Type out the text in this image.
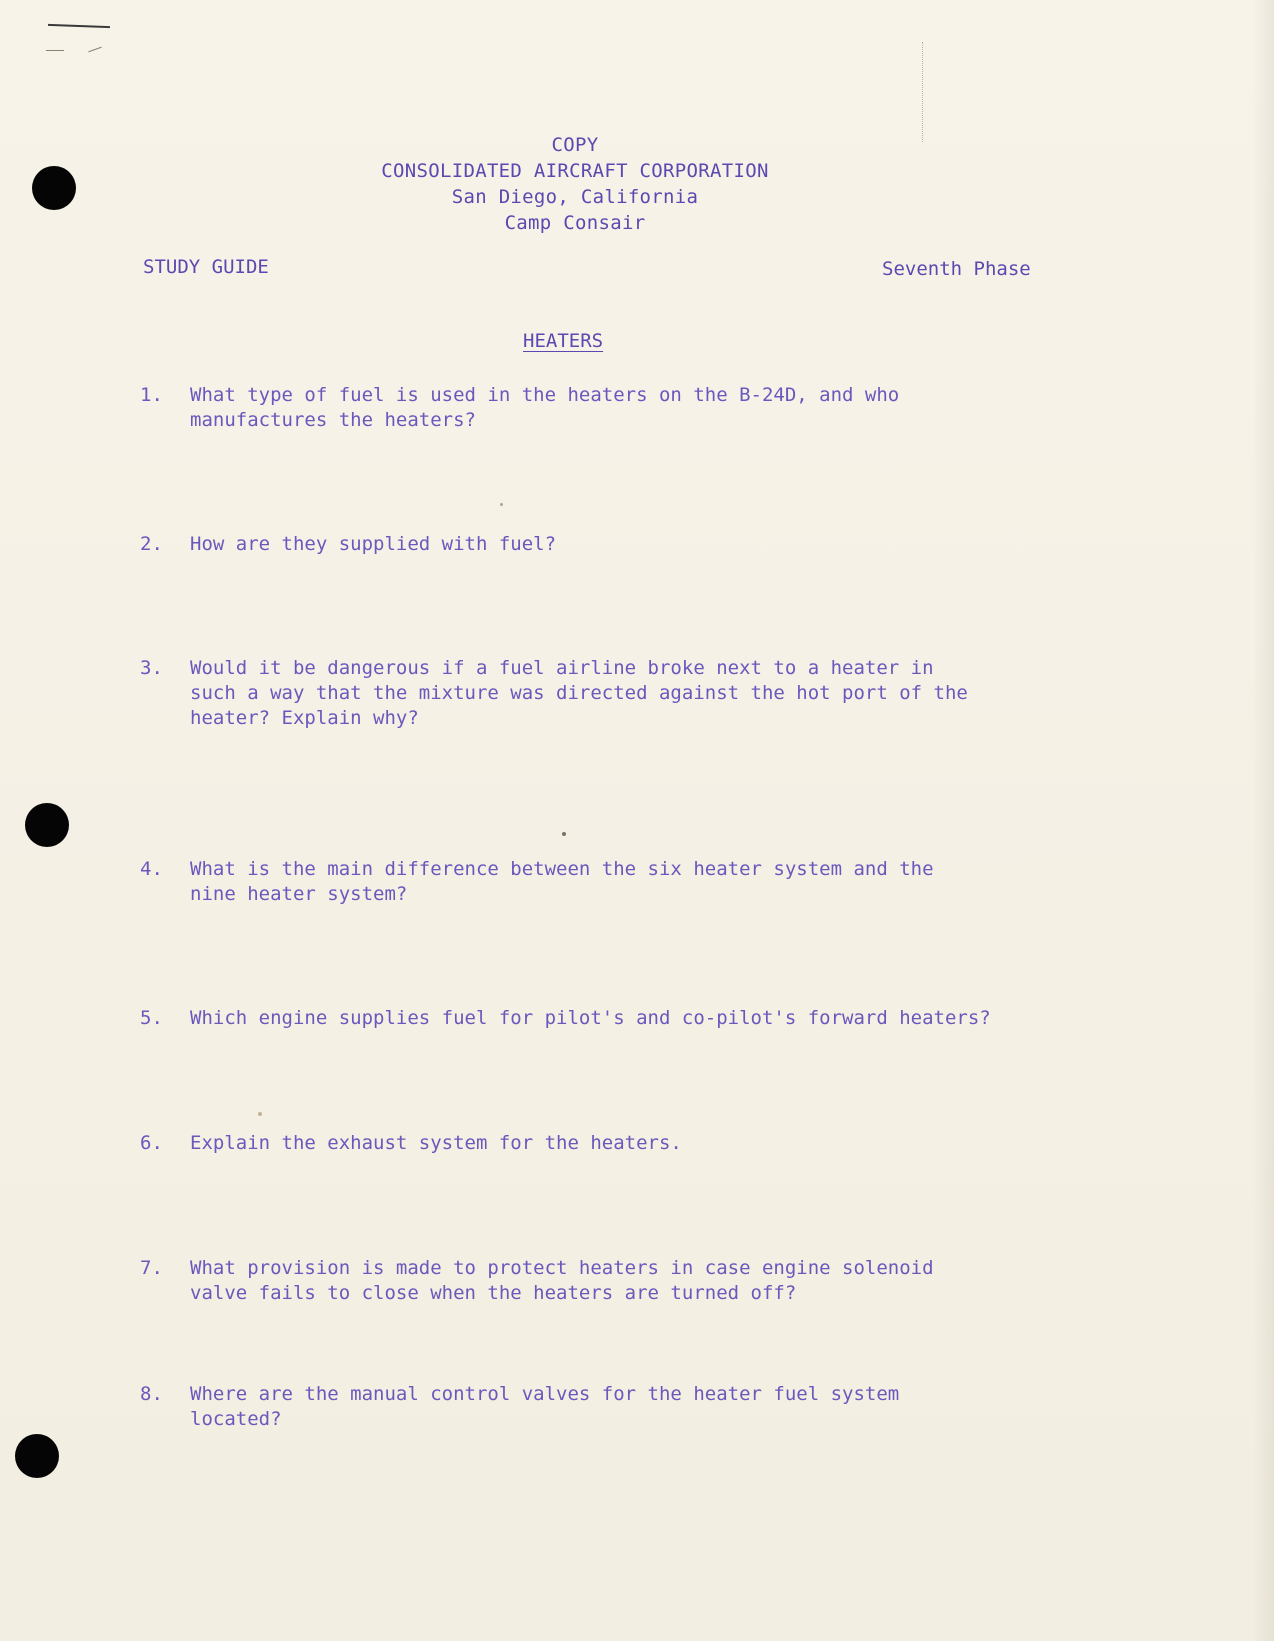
COPY
CONSOLIDATED AIRCRAFT CORPORATION
San Diego, California
Camp Consair
STUDY GUIDE	Seventh Phase
HEATERS
1.	What type of fuel is used in the heaters on the B-24D, and who
manufactures the heaters?
2.	How are they supplied with fuel?
3.	Would it be dangerous if a fuel airline broke next to a heater in
such a way that the mixture was directed against the hot port of the
heater? Explain why?
4.	What is the main difference between the six heater system and the
nine heater system?
5.	Which engine supplies fuel for pilot's and co-pilot's forward heaters?
6.	Explain the exhaust system for the heaters.
7.	What provision is made to protect heaters in case engine solenoid
valve fails to close when the heaters are turned off?
8.	Where are the manual control valves for the heater fuel system
located?
